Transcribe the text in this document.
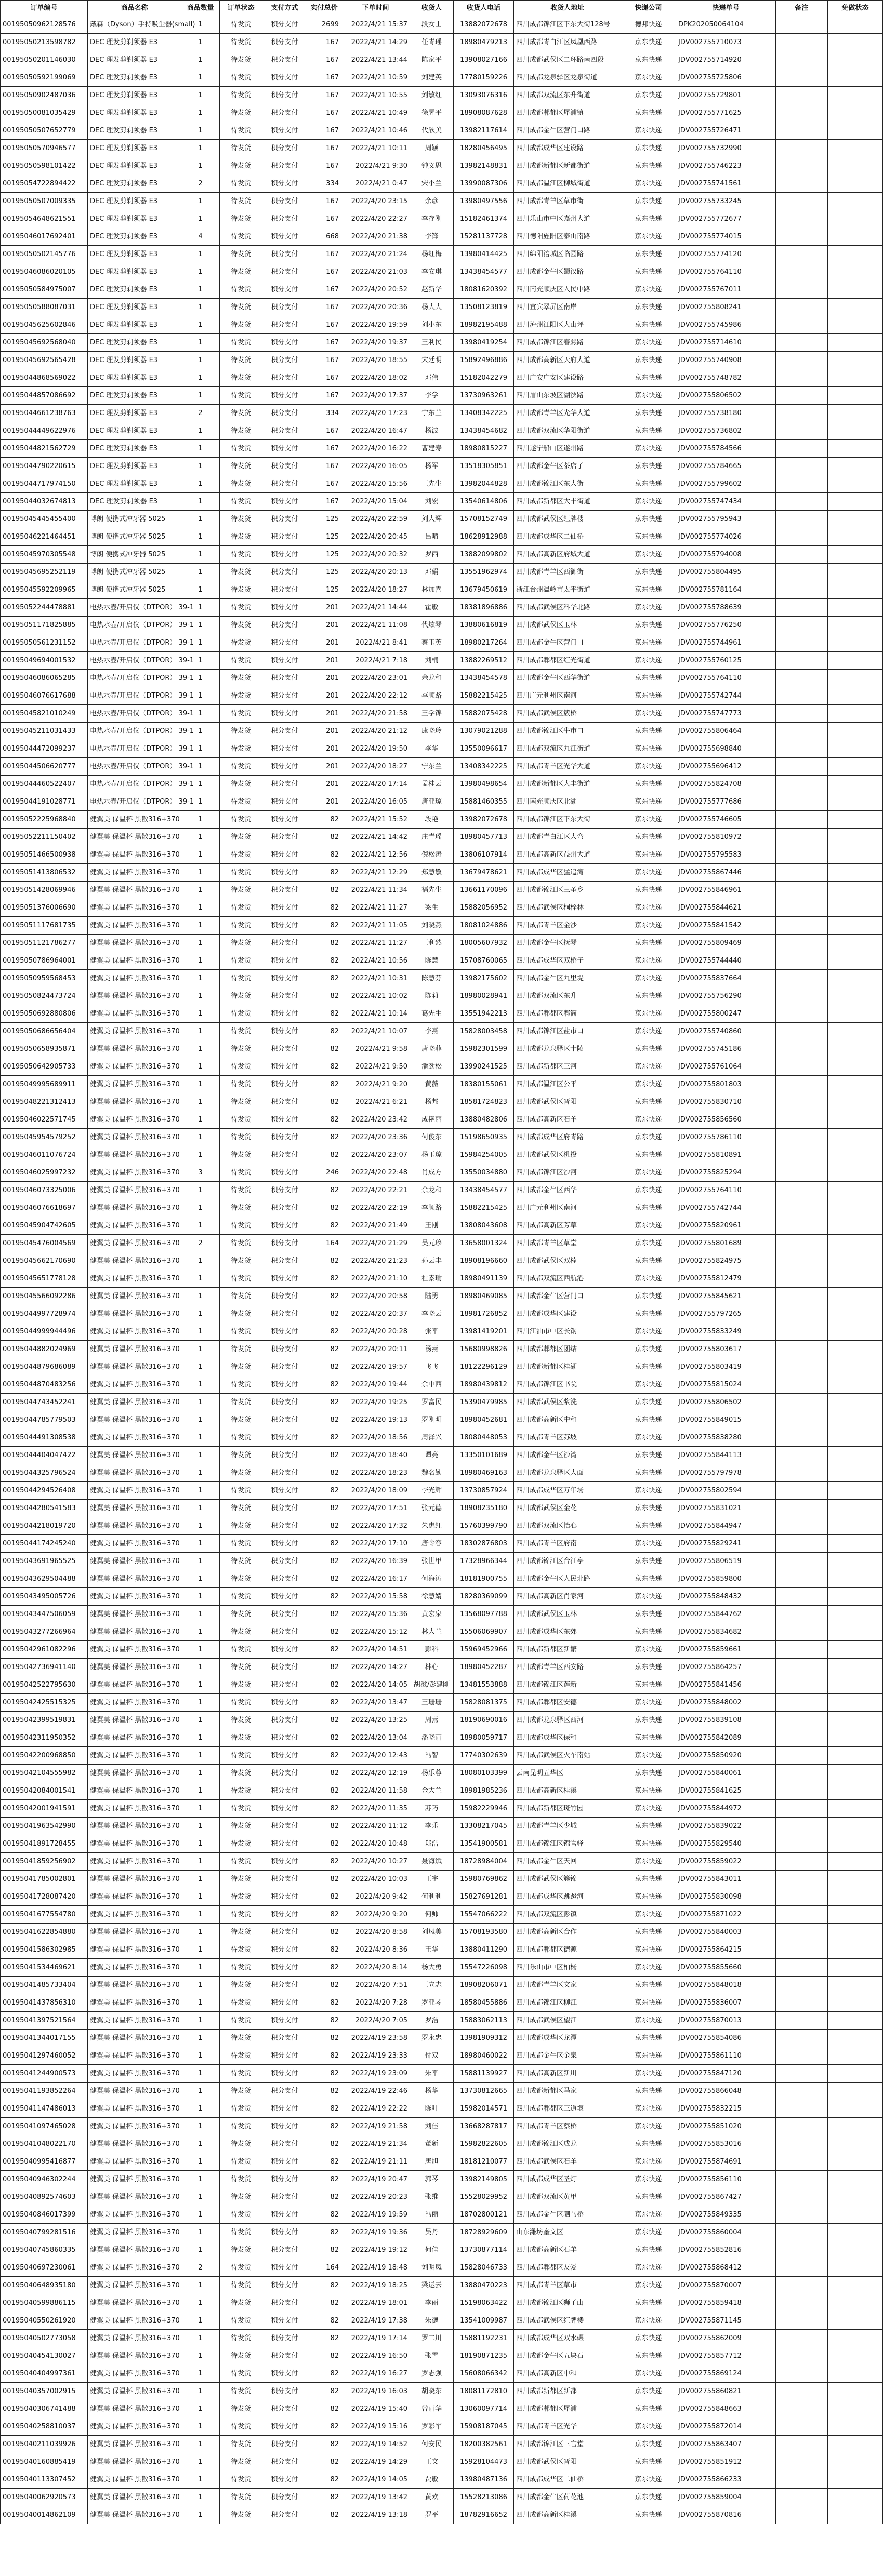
订单编号	商品名称	商品数量	订单状态	支付方式	实付总价	下单时间	收货人	收货人电话	收货人地址	快递公司	快递单号	备注	免做状态
00195050962128576	戴森（Dyson）手持吸尘器(small)	1	待发货	积分支付	2699	2022/4/21 15:37	段女士	13882072678	四川成都锦江区下东大街128号	德邦快递	DPK202050064104		
00195050213598782	DEC 理发剪剃须器 E3	1	待发货	积分支付	167	2022/4/21 14:29	任青瑶	18980479213	四川成都青白江区凤凰西路	京东快递	JDV002755710073		
00195050201146030	DEC 理发剪剃须器 E3	1	待发货	积分支付	167	2022/4/21 13:44	陈家平	13908027166	四川成都武侯区二环路南四段	京东快递	JDV002755714920		
00195050592199069	DEC 理发剪剃须器 E3	1	待发货	积分支付	167	2022/4/21 10:59	刘建英	17780159226	四川成都龙泉驿区龙泉街道	京东快递	JDV002755725806		
00195050902487036	DEC 理发剪剃须器 E3	1	待发货	积分支付	167	2022/4/21 10:55	刘敏红	13093076316	四川成都双流区东升街道	京东快递	JDV002755729801		
00195050081035429	DEC 理发剪剃须器 E3	1	待发货	积分支付	167	2022/4/21 10:49	徐晃平	18908087628	四川成都郫都区犀浦镇	京东快递	JDV002755771625		
00195050507652779	DEC 理发剪剃须器 E3	1	待发货	积分支付	167	2022/4/21 10:46	代欣美	13982117614	四川成都金牛区营门口路	京东快递	JDV002755726471		
00195050570946577	DEC 理发剪剃须器 E3	1	待发货	积分支付	167	2022/4/21 10:11	周颖	18280456495	四川成都成华区建设路	京东快递	JDV002755732990		
00195050598101422	DEC 理发剪剃须器 E3	1	待发货	积分支付	167	2022/4/21 9:30	钟义思	13982148831	四川成都新都区新都街道	京东快递	JDV002755746223		
00195054722894422	DEC 理发剪剃须器 E3	2	待发货	积分支付	334	2022/4/21 0:47	宋小兰	13990087306	四川成都温江区柳城街道	京东快递	JDV002755741561		
00195050507009335	DEC 理发剪剃须器 E3	1	待发货	积分支付	167	2022/4/20 23:15	余彦	13980497556	四川成都青羊区草市街	京东快递	JDV002755733245		
00195054648621551	DEC 理发剪剃须器 E3	1	待发货	积分支付	167	2022/4/20 22:27	李存刚	15182461374	四川乐山市中区嘉州大道	京东快递	JDV002755772677		
00195046017692401	DEC 理发剪剃须器 E3	4	待发货	积分支付	668	2022/4/20 21:38	李锋	15281137728	四川德阳旌阳区泰山南路	京东快递	JDV002755774015		
00195050502145776	DEC 理发剪剃须器 E3	1	待发货	积分支付	167	2022/4/20 21:24	杨红梅	13980414425	四川绵阳涪城区临园路	京东快递	JDV002755774120		
00195046086020105	DEC 理发剪剃须器 E3	1	待发货	积分支付	167	2022/4/20 21:03	李安琪	13438454577	四川成都金牛区蜀汉路	京东快递	JDV002755764110		
00195050584975007	DEC 理发剪剃须器 E3	1	待发货	积分支付	167	2022/4/20 20:52	赵新华	18081620392	四川南充顺庆区人民中路	京东快递	JDV002755767011		
00195050588087031	DEC 理发剪剃须器 E3	1	待发货	积分支付	167	2022/4/20 20:36	杨大大	13508123819	四川宜宾翠屏区南岸	京东快递	JDV002755808241		
00195045625602846	DEC 理发剪剃须器 E3	1	待发货	积分支付	167	2022/4/20 19:59	刘小东	18982195488	四川泸州江阳区大山坪	京东快递	JDV002755745986		
00195045692568040	DEC 理发剪剃须器 E3	1	待发货	积分支付	167	2022/4/20 19:37	王利民	13980419254	四川成都锦江区春熙路	京东快递	JDV002755714610		
00195045692565428	DEC 理发剪剃须器 E3	1	待发货	积分支付	167	2022/4/20 18:55	宋廷明	15892496886	四川成都高新区天府大道	京东快递	JDV002755740908		
00195044868569022	DEC 理发剪剃须器 E3	1	待发货	积分支付	167	2022/4/20 18:02	邓伟	15182042279	四川广安广安区建设路	京东快递	JDV002755748782		
00195044857086692	DEC 理发剪剃须器 E3	1	待发货	积分支付	167	2022/4/20 17:37	李学	13730963261	四川眉山东坡区湖滨路	京东快递	JDV002755806502		
00195044661238763	DEC 理发剪剃须器 E3	2	待发货	积分支付	334	2022/4/20 17:23	宁东兰	13408342225	四川成都青羊区光华大道	京东快递	JDV002755738180		
00195044449622976	DEC 理发剪剃须器 E3	1	待发货	积分支付	167	2022/4/20 16:47	杨波	13438454682	四川成都双流区华阳街道	京东快递	JDV002755736802		
00195044821562729	DEC 理发剪剃须器 E3	1	待发货	积分支付	167	2022/4/20 16:22	曹建寿	18980815227	四川遂宁船山区遂州路	京东快递	JDV002755784566		
00195044790220615	DEC 理发剪剃须器 E3	1	待发货	积分支付	167	2022/4/20 16:05	杨军	13518305851	四川成都金牛区茶店子	京东快递	JDV002755784665		
00195044717974150	DEC 理发剪剃须器 E3	1	待发货	积分支付	167	2022/4/20 15:56	王先生	13982044828	四川成都锦江区东大街	京东快递	JDV002755799602		
00195044032674813	DEC 理发剪剃须器 E3	1	待发货	积分支付	167	2022/4/20 15:04	刘宏	13540614806	四川成都新都区大丰街道	京东快递	JDV002755747434		
00195045445455400	博朗 便携式冲牙器 5025	1	待发货	积分支付	125	2022/4/20 22:59	刘大辉	15708152749	四川成都武侯区红牌楼	京东快递	JDV002755795943		
00195046221464451	博朗 便携式冲牙器 5025	1	待发货	积分支付	125	2022/4/20 20:45	吕晴	18628912988	四川成都成华区二仙桥	京东快递	JDV002755774026		
00195045970305548	博朗 便携式冲牙器 5025	1	待发货	积分支付	125	2022/4/20 20:32	罗西	13882099802	四川成都高新区府城大道	京东快递	JDV002755794008		
00195045695252119	博朗 便携式冲牙器 5025	1	待发货	积分支付	125	2022/4/20 20:13	邓娟	13551962974	四川成都青羊区西御街	京东快递	JDV002755804495		
00195045592209965	博朗 便携式冲牙器 5025	1	待发货	积分支付	125	2022/4/20 18:27	林加喜	13679450619	浙江台州温岭市太平街道	京东快递	JDV002755781164		
00195052244478881	电热水壶/开启仪（DTPOR） 39-1	1	待发货	积分支付	201	2022/4/21 14:44	霍敏	18381896886	四川成都武侯区科华北路	京东快递	JDV002755788639		
00195051171825885	电热水壶/开启仪（DTPOR） 39-1	1	待发货	积分支付	201	2022/4/21 11:08	代炫琴	13880616819	四川成都武侯区玉林	京东快递	JDV002755776250		
00195050561231152	电热水壶/开启仪（DTPOR） 39-1	1	待发货	积分支付	201	2022/4/21 8:41	蔡玉英	18980217264	四川成都金牛区营门口	京东快递	JDV002755744961		
00195049694001532	电热水壶/开启仪（DTPOR） 39-1	1	待发货	积分支付	201	2022/4/21 7:18	刘楠	13882269512	四川成都郫都区红光街道	京东快递	JDV002755760125		
00195046086065285	电热水壶/开启仪（DTPOR） 39-1	1	待发货	积分支付	201	2022/4/20 23:01	余龙和	13438454578	四川成都金牛区西华街道	京东快递	JDV002755764110		
00195046076617688	电热水壶/开启仪（DTPOR） 39-1	1	待发货	积分支付	201	2022/4/20 22:12	李顺路	15882215425	四川广元利州区南河	京东快递	JDV002755742744		
00195045821010249	电热水壶/开启仪（DTPOR） 39-1	1	待发货	积分支付	201	2022/4/20 21:58	王学锦	15882075428	四川成都武侯区簇桥	京东快递	JDV002755747773		
00195045211031433	电热水壶/开启仪（DTPOR） 39-1	1	待发货	积分支付	201	2022/4/20 21:12	康晓玲	13079021288	四川成都锦江区牛市口	京东快递	JDV002755806464		
00195044472099237	电热水壶/开启仪（DTPOR） 39-1	1	待发货	积分支付	201	2022/4/20 19:50	李华	13550096617	四川成都双流区九江街道	京东快递	JDV002755698840		
00195044506620777	电热水壶/开启仪（DTPOR） 39-1	1	待发货	积分支付	201	2022/4/20 18:27	宁东兰	13408342225	四川成都青羊区光华大道	京东快递	JDV002755696412		
00195044460522407	电热水壶/开启仪（DTPOR） 39-1	1	待发货	积分支付	201	2022/4/20 17:14	孟桂云	13980498654	四川成都新都区大丰街道	京东快递	JDV002755824708		
00195044191028771	电热水壶/开启仪（DTPOR） 39-1	1	待发货	积分支付	201	2022/4/20 16:05	唐亚琼	15881460355	四川南充顺庆区北湖	京东快递	JDV002755777686		
00195052225968840	健翼美 保温杯 黑散316+370	1	待发货	积分支付	82	2022/4/21 15:52	段艳	13982072678	四川成都锦江区下东大街	京东快递	JDV002755746605		
00195052211150402	健翼美 保温杯 黑散316+370	1	待发货	积分支付	82	2022/4/21 14:42	庄青瑶	18980457713	四川成都青白江区大弯	京东快递	JDV002755810972		
00195051466500938	健翼美 保温杯 黑散316+370	1	待发货	积分支付	82	2022/4/21 12:56	倪松涛	13806107914	四川成都高新区益州大道	京东快递	JDV002755795583		
00195051413806532	健翼美 保温杯 黑散316+370	1	待发货	积分支付	82	2022/4/21 12:29	郑慧敏	13679478621	四川成都成华区猛追湾	京东快递	JDV002755867446		
00195051428069946	健翼美 保温杯 黑散316+370	1	待发货	积分支付	82	2022/4/21 11:34	福先生	13661170096	四川成都锦江区三圣乡	京东快递	JDV002755846961		
00195051376006690	健翼美 保温杯 黑散316+370	1	待发货	积分支付	82	2022/4/21 11:27	梁生	15882056952	四川成都武侯区桐梓林	京东快递	JDV002755844621		
00195051117681735	健翼美 保温杯 黑散316+370	1	待发货	积分支付	82	2022/4/21 11:05	刘晓燕	18081024886	四川成都青羊区金沙	京东快递	JDV002755841542		
00195051121786277	健翼美 保温杯 黑散316+370	1	待发货	积分支付	82	2022/4/21 11:27	王利然	18005607932	四川成都金牛区抚琴	京东快递	JDV002755809469		
00195050786964001	健翼美 保温杯 黑散316+370	1	待发货	积分支付	82	2022/4/21 10:56	陈慧	15708760065	四川成都成华区双桥子	京东快递	JDV002755744440		
00195050959568453	健翼美 保温杯 黑散316+370	1	待发货	积分支付	82	2022/4/21 10:31	陈慧芬	13982175602	四川成都金牛区九里堤	京东快递	JDV002755837664		
00195050824473724	健翼美 保温杯 黑散316+370	1	待发货	积分支付	82	2022/4/21 10:02	陈莉	18980028941	四川成都双流区东升	京东快递	JDV002755756290		
00195050692880806	健翼美 保温杯 黑散316+370	1	待发货	积分支付	82	2022/4/21 10:14	葛先生	13551942213	四川成都郫都区郫筒	京东快递	JDV002755800247		
00195050686656404	健翼美 保温杯 黑散316+370	1	待发货	积分支付	82	2022/4/21 10:07	李燕	15828003458	四川成都锦江区盐市口	京东快递	JDV002755740860		
00195050658935871	健翼美 保温杯 黑散316+370	1	待发货	积分支付	82	2022/4/21 9:58	唐晓菲	15982301599	四川成都龙泉驿区十陵	京东快递	JDV002755745186		
00195050642905733	健翼美 保温杯 黑散316+370	1	待发货	积分支付	82	2022/4/21 9:50	潘劲松	13990241525	四川成都新都区三河	京东快递	JDV002755761064		
00195049995689911	健翼美 保温杯 黑散316+370	1	待发货	积分支付	82	2022/4/21 9:20	黄薇	18380155061	四川成都温江区公平	京东快递	JDV002755801803		
00195048221312413	健翼美 保温杯 黑散316+370	1	待发货	积分支付	82	2022/4/21 6:21	杨邦	18581724823	四川成都武侯区晋阳	京东快递	JDV002755830710		
00195046022571745	健翼美 保温杯 黑散316+370	1	待发货	积分支付	82	2022/4/20 23:42	成艳丽	13880482806	四川成都高新区石羊	京东快递	JDV002755856560		
00195045954579252	健翼美 保温杯 黑散316+370	1	待发货	积分支付	82	2022/4/20 23:36	何俊东	15198650935	四川成都成华区府青路	京东快递	JDV002755786110		
00195046011076724	健翼美 保温杯 黑散316+370	1	待发货	积分支付	82	2022/4/20 23:07	杨玉琼	15984254005	四川成都武侯区机投	京东快递	JDV002755810891		
00195046025997232	健翼美 保温杯 黑散316+370	3	待发货	积分支付	246	2022/4/20 22:48	肖成方	13550034880	四川成都锦江区沙河	京东快递	JDV002755825294		
00195046073325006	健翼美 保温杯 黑散316+370	1	待发货	积分支付	82	2022/4/20 22:21	余龙和	13438454577	四川成都金牛区西华	京东快递	JDV002755764110		
00195046076618697	健翼美 保温杯 黑散316+370	1	待发货	积分支付	82	2022/4/20 22:19	李顺路	15882215425	四川广元利州区南河	京东快递	JDV002755742744		
00195045904742605	健翼美 保温杯 黑散316+370	1	待发货	积分支付	82	2022/4/20 21:49	王刚	13808043608	四川成都高新区芳草	京东快递	JDV002755820961		
00195045476004569	健翼美 保温杯 黑散316+370	2	待发货	积分支付	164	2022/4/20 21:29	吴元珍	13658001324	四川成都青羊区草堂	京东快递	JDV002755801689		
00195045662170690	健翼美 保温杯 黑散316+370	1	待发货	积分支付	82	2022/4/20 21:23	孙云丰	18908196660	四川成都武侯区双楠	京东快递	JDV002755824975		
00195045651778128	健翼美 保温杯 黑散316+370	1	待发货	积分支付	82	2022/4/20 21:10	杜素瑜	18980491139	四川成都双流区西航港	京东快递	JDV002755812479		
00195045566092286	健翼美 保温杯 黑散316+370	1	待发货	积分支付	82	2022/4/20 20:58	陆勇	18980469085	四川成都金牛区营门口	京东快递	JDV002755845621		
00195044997728974	健翼美 保温杯 黑散316+370	1	待发货	积分支付	82	2022/4/20 20:37	李晓云	18981726852	四川成都成华区建设	京东快递	JDV002755797265		
00195044999944496	健翼美 保温杯 黑散316+370	1	待发货	积分支付	82	2022/4/20 20:28	张平	13981419201	四川江油市中区长钢	京东快递	JDV002755833249		
00195044882024969	健翼美 保温杯 黑散316+370	1	待发货	积分支付	82	2022/4/20 20:11	汤燕	15680998826	四川成都郫都区团结	京东快递	JDV002755803617		
00195044879686089	健翼美 保温杯 黑散316+370	1	待发货	积分支付	82	2022/4/20 19:57	飞飞	18122296129	四川成都新都区桂湖	京东快递	JDV002755803419		
00195044870483256	健翼美 保温杯 黑散316+370	1	待发货	积分支付	82	2022/4/20 19:44	余中西	18980439812	四川成都锦江区书院	京东快递	JDV002755815024		
00195044743452241	健翼美 保温杯 黑散316+370	1	待发货	积分支付	82	2022/4/20 19:25	罗富民	15390479985	四川成都武侯区浆洗	京东快递	JDV002755806502		
00195044785779503	健翼美 保温杯 黑散316+370	1	待发货	积分支付	82	2022/4/20 19:13	罗刚明	18980452681	四川成都高新区中和	京东快递	JDV002755849015		
00195044491308538	健翼美 保温杯 黑散316+370	1	待发货	积分支付	82	2022/4/20 18:56	周泽兴	18080448053	四川成都青羊区苏坡	京东快递	JDV002755838280		
00195044404047422	健翼美 保温杯 黑散316+370	1	待发货	积分支付	82	2022/4/20 18:40	谭亮	13350101689	四川成都金牛区沙湾	京东快递	JDV002755844113		
00195044325796524	健翼美 保温杯 黑散316+370	1	待发货	积分支付	82	2022/4/20 18:23	魏名勤	18980469163	四川成都龙泉驿区大面	京东快递	JDV002755797978		
00195044294526408	健翼美 保温杯 黑散316+370	1	待发货	积分支付	82	2022/4/20 18:09	李光辉	13730857924	四川成都成华区万年场	京东快递	JDV002755802594		
00195044280541583	健翼美 保温杯 黑散316+370	1	待发货	积分支付	82	2022/4/20 17:51	张元德	18908235180	四川成都武侯区金花	京东快递	JDV002755831021		
00195044218019720	健翼美 保温杯 黑散316+370	1	待发货	积分支付	82	2022/4/20 17:32	朱惠红	15760399790	四川成都双流区怡心	京东快递	JDV002755844947		
00195044174245240	健翼美 保温杯 黑散316+370	1	待发货	积分支付	82	2022/4/20 17:10	唐令容	18302876803	四川成都青羊区府南	京东快递	JDV002755829241		
00195043691965525	健翼美 保温杯 黑散316+370	1	待发货	积分支付	82	2022/4/20 16:39	张世甲	17328966344	四川成都锦江区合江亭	京东快递	JDV002755806519		
00195043629504488	健翼美 保温杯 黑散316+370	1	待发货	积分支付	82	2022/4/20 16:17	何海涛	18181900755	四川成都金牛区人民北路	京东快递	JDV002755859800		
00195043495005726	健翼美 保温杯 黑散316+370	1	待发货	积分支付	82	2022/4/20 15:58	徐慧婧	18280369099	四川成都高新区肖家河	京东快递	JDV002755848432		
00195043447506059	健翼美 保温杯 黑散316+370	1	待发货	积分支付	82	2022/4/20 15:36	黄宏泉	13568097788	四川成都武侯区玉林	京东快递	JDV002755844762		
00195043277266964	健翼美 保温杯 黑散316+370	1	待发货	积分支付	82	2022/4/20 15:12	林大兰	15506069907	四川成都成华区东郊	京东快递	JDV002755834682		
00195042961082296	健翼美 保温杯 黑散316+370	1	待发货	积分支付	82	2022/4/20 14:51	彭科	15969452966	四川成都新都区新繁	京东快递	JDV002755859661		
00195042736941140	健翼美 保温杯 黑散316+370	1	待发货	积分支付	82	2022/4/20 14:27	林心	18980452287	四川成都青羊区西安路	京东快递	JDV002755864257		
00195042522795630	健翼美 保温杯 黑散316+370	1	待发货	积分支付	82	2022/4/20 14:05	胡滋/彭建刚	13481553888	四川成都锦江区莲新	京东快递	JDV002755841456		
00195042425515325	健翼美 保温杯 黑散316+370	1	待发货	积分支付	82	2022/4/20 13:47	王珊珊	15828081375	四川成都郫都区安德	京东快递	JDV002755848002		
00195042399519831	健翼美 保温杯 黑散316+370	1	待发货	积分支付	82	2022/4/20 13:25	周燕	18190690016	四川成都龙泉驿区西河	京东快递	JDV002755839108		
00195042311950352	健翼美 保温杯 黑散316+370	1	待发货	积分支付	82	2022/4/20 13:04	潘晓丽	18980059717	四川成都成华区保和	京东快递	JDV002755842089		
00195042200968850	健翼美 保温杯 黑散316+370	1	待发货	积分支付	82	2022/4/20 12:43	冯智	17740302639	四川成都武侯区火车南站	京东快递	JDV002755850920		
00195042104555982	健翼美 保温杯 黑散316+370	1	待发货	积分支付	82	2022/4/20 12:19	杨乐蓉	18080103399	云南昆明五华区	京东快递	JDV002755840061		
00195042084001541	健翼美 保温杯 黑散316+370	1	待发货	积分支付	82	2022/4/20 11:58	金大兰	18981985236	四川成都高新区桂溪	京东快递	JDV002755841625		
00195042001941591	健翼美 保温杯 黑散316+370	1	待发货	积分支付	82	2022/4/20 11:35	苏巧	15982229946	四川成都新都区斑竹园	京东快递	JDV002755844972		
00195041963542990	健翼美 保温杯 黑散316+370	1	待发货	积分支付	82	2022/4/20 11:12	李乐	13308217045	四川成都青羊区少城	京东快递	JDV002755839022		
00195041891728455	健翼美 保温杯 黑散316+370	1	待发货	积分支付	82	2022/4/20 10:48	郑浩	13541900581	四川成都锦江区锦官驿	京东快递	JDV002755829540		
00195041859256902	健翼美 保温杯 黑散316+370	1	待发货	积分支付	82	2022/4/20 10:27	聂海斌	18728984004	四川成都金牛区天回	京东快递	JDV002755859022		
00195041785002801	健翼美 保温杯 黑散316+370	1	待发货	积分支付	82	2022/4/20 10:03	王宇	15980769862	四川成都武侯区簇锦	京东快递	JDV002755843011		
00195041728087420	健翼美 保温杯 黑散316+370	1	待发货	积分支付	82	2022/4/20 9:42	何利利	15827691281	四川成都成华区跳蹬河	京东快递	JDV002755830098		
00195041677554780	健翼美 保温杯 黑散316+370	1	待发货	积分支付	82	2022/4/20 9:20	何帅	15547066222	四川成都双流区彭镇	京东快递	JDV002755871022		
00195041622854880	健翼美 保温杯 黑散316+370	1	待发货	积分支付	82	2022/4/20 8:58	刘凤美	15708193580	四川成都高新区合作	京东快递	JDV002755840003		
00195041586302985	健翼美 保温杯 黑散316+370	1	待发货	积分支付	82	2022/4/20 8:36	王华	13880411290	四川成都郫都区德源	京东快递	JDV002755864215		
00195041534469621	健翼美 保温杯 黑散316+370	1	待发货	积分支付	82	2022/4/20 8:14	杨大勇	15547226098	四川乐山市中区柏杨	京东快递	JDV002755855660		
00195041485733404	健翼美 保温杯 黑散316+370	1	待发货	积分支付	82	2022/4/20 7:51	王立志	18908206071	四川成都青羊区文家	京东快递	JDV002755848018		
00195041437856310	健翼美 保温杯 黑散316+370	1	待发货	积分支付	82	2022/4/20 7:28	罗亚琴	18580455886	四川成都锦江区柳江	京东快递	JDV002755836007		
00195041397521564	健翼美 保温杯 黑散316+370	1	待发货	积分支付	82	2022/4/20 7:05	罗浩	15883062113	四川成都武侯区望江	京东快递	JDV002755870013		
00195041344017155	健翼美 保温杯 黑散316+370	1	待发货	积分支付	82	2022/4/19 23:58	罗永忠	13981909312	四川成都成华区龙潭	京东快递	JDV002755854086		
00195041297460052	健翼美 保温杯 黑散316+370	1	待发货	积分支付	82	2022/4/19 23:33	付双	18980460022	四川成都金牛区金泉	京东快递	JDV002755861110		
00195041244900573	健翼美 保温杯 黑散316+370	1	待发货	积分支付	82	2022/4/19 23:09	朱平	15881139927	四川成都高新区新川	京东快递	JDV002755847120		
00195041193852264	健翼美 保温杯 黑散316+370	1	待发货	积分支付	82	2022/4/19 22:46	杨华	13730812665	四川成都新都区马家	京东快递	JDV002755866048		
00195041147486013	健翼美 保温杯 黑散316+370	1	待发货	积分支付	82	2022/4/19 22:22	陈叶	15982014571	四川成都郫都区三道堰	京东快递	JDV002755832215		
00195041097465028	健翼美 保温杯 黑散316+370	1	待发货	积分支付	82	2022/4/19 21:58	刘佳	13668287817	四川成都青羊区蔡桥	京东快递	JDV002755851020		
00195041048022170	健翼美 保温杯 黑散316+370	1	待发货	积分支付	82	2022/4/19 21:34	董新	15982822605	四川成都锦江区成龙	京东快递	JDV002755853016		
00195040995416877	健翼美 保温杯 黑散316+370	1	待发货	积分支付	82	2022/4/19 21:11	唐旭	18181210077	四川成都武侯区石羊	京东快递	JDV002755874691		
00195040946302244	健翼美 保温杯 黑散316+370	1	待发货	积分支付	82	2022/4/19 20:47	郭琴	13982149805	四川成都成华区圣灯	京东快递	JDV002755856110		
00195040892574603	健翼美 保温杯 黑散316+370	1	待发货	积分支付	82	2022/4/19 20:23	张维	15528029952	四川成都双流区黄甲	京东快递	JDV002755867427		
00195040846017399	健翼美 保温杯 黑散316+370	1	待发货	积分支付	82	2022/4/19 19:59	冯丽	18702800121	四川成都金牛区驷马桥	京东快递	JDV002755849335		
00195040799281516	健翼美 保温杯 黑散316+370	1	待发货	积分支付	82	2022/4/19 19:36	吴丹	18728929609	山东潍坊奎文区	京东快递	JDV002755860004		
00195040745860335	健翼美 保温杯 黑散316+370	1	待发货	积分支付	82	2022/4/19 19:12	何佳	13730877114	四川成都高新区石羊	京东快递	JDV002755852816		
00195040697230061	健翼美 保温杯 黑散316+370	2	待发货	积分支付	164	2022/4/19 18:48	刘明凤	15828046733	四川成都郫都区友爱	京东快递	JDV002755868412		
00195040648935180	健翼美 保温杯 黑散316+370	1	待发货	积分支付	82	2022/4/19 18:25	梁运云	13880470223	四川成都青羊区草市	京东快递	JDV002755870007		
00195040599886115	健翼美 保温杯 黑散316+370	1	待发货	积分支付	82	2022/4/19 18:01	李丽	15198063422	四川成都锦江区狮子山	京东快递	JDV002755859418		
00195040550261920	健翼美 保温杯 黑散316+370	1	待发货	积分支付	82	2022/4/19 17:38	朱德	13541009987	四川成都武侯区红牌楼	京东快递	JDV002755871145		
00195040502773058	健翼美 保温杯 黑散316+370	1	待发货	积分支付	82	2022/4/19 17:14	罗二川	15881192231	四川成都成华区双水碾	京东快递	JDV002755862009		
00195040454130027	健翼美 保温杯 黑散316+370	1	待发货	积分支付	82	2022/4/19 16:50	张雪	18190871235	四川成都金牛区五块石	京东快递	JDV002755857712		
00195040404997361	健翼美 保温杯 黑散316+370	1	待发货	积分支付	82	2022/4/19 16:27	罗志强	15608066342	四川成都高新区中和	京东快递	JDV002755869124		
00195040357002915	健翼美 保温杯 黑散316+370	1	待发货	积分支付	82	2022/4/19 16:03	胡晓东	18081172810	四川成都新都区新都	京东快递	JDV002755860821		
00195040306741488	健翼美 保温杯 黑散316+370	1	待发货	积分支付	82	2022/4/19 15:40	曾丽华	13060097714	四川成都郫都区犀浦	京东快递	JDV002755848663		
00195040258810037	健翼美 保温杯 黑散316+370	1	待发货	积分支付	82	2022/4/19 15:16	罗彩军	15908187045	四川成都青羊区光华	京东快递	JDV002755872014		
00195040211039926	健翼美 保温杯 黑散316+370	1	待发货	积分支付	82	2022/4/19 14:52	何安民	18200382561	四川成都锦江区三官堂	京东快递	JDV002755863407		
00195040160885419	健翼美 保温杯 黑散316+370	1	待发货	积分支付	82	2022/4/19 14:29	王文	15928104473	四川成都武侯区晋阳	京东快递	JDV002755851912		
00195040113307452	健翼美 保温杯 黑散316+370	1	待发货	积分支付	82	2022/4/19 14:05	贾敏	13980487136	四川成都成华区二仙桥	京东快递	JDV002755866233		
00195040062920573	健翼美 保温杯 黑散316+370	1	待发货	积分支付	82	2022/4/19 13:42	黄欢	15528213086	四川成都金牛区荷花池	京东快递	JDV002755859004		
00195040014862109	健翼美 保温杯 黑散316+370	1	待发货	积分支付	82	2022/4/19 13:18	罗平	18782916652	四川成都高新区桂溪	京东快递	JDV002755870816		
